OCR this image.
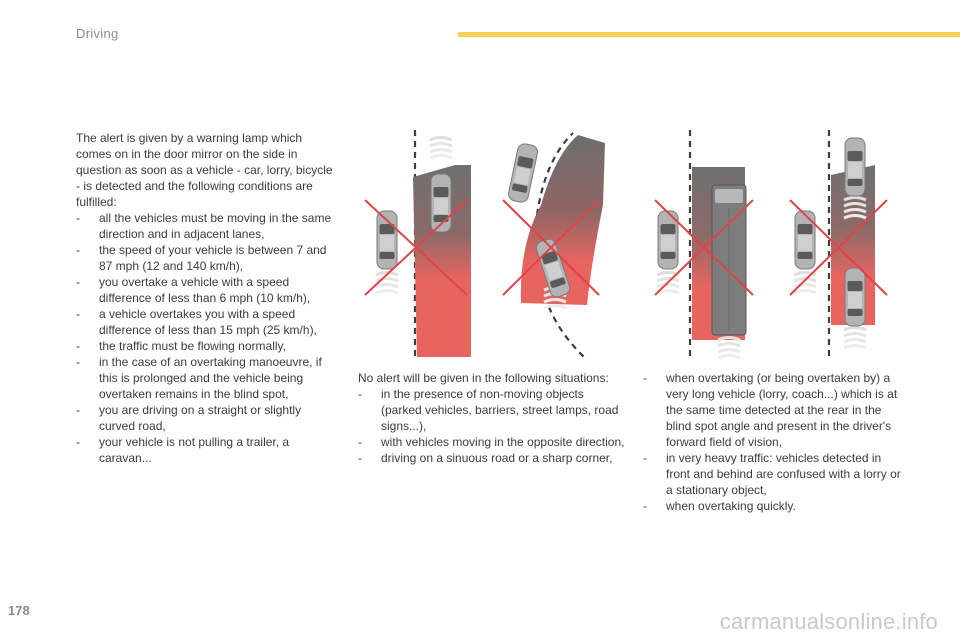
Driving

The alert is given by a warning lamp which comes on in the door mirror on the side in question as soon as a vehicle - car, lorry, bicycle - is detected and the following conditions are fulfilled:

- all the vehicles must be moving in the same direction and in adjacent lanes,
- the speed of your vehicle is between 7 and 87 mph (12 and 140 km/h),
- you overtake a vehicle with a speed difference of less than 6 mph (10 km/h),
- a vehicle overtakes you with a speed difference of less than 15 mph (25 km/h),
- the traffic must be flowing normally,
- in the case of an overtaking manoeuvre, if this is prolonged and the vehicle being overtaken remains in the blind spot,
- you are driving on a straight or slightly curved road,
- your vehicle is not pulling a trailer, a caravan...

No alert will be given in the following situations:

- in the presence of non-moving objects (parked vehicles, barriers, street lamps, road signs...),
- with vehicles moving in the opposite direction,
- driving on a sinuous road or a sharp corner,
- when overtaking (or being overtaken by) a very long vehicle (lorry, coach...) which is at the same time detected at the rear in the blind spot angle and present in the driver's forward field of vision,
- in very heavy traffic: vehicles detected in front and behind are confused with a lorry or a stationary object,
- when overtaking quickly.
178	carmanualsonline.info
